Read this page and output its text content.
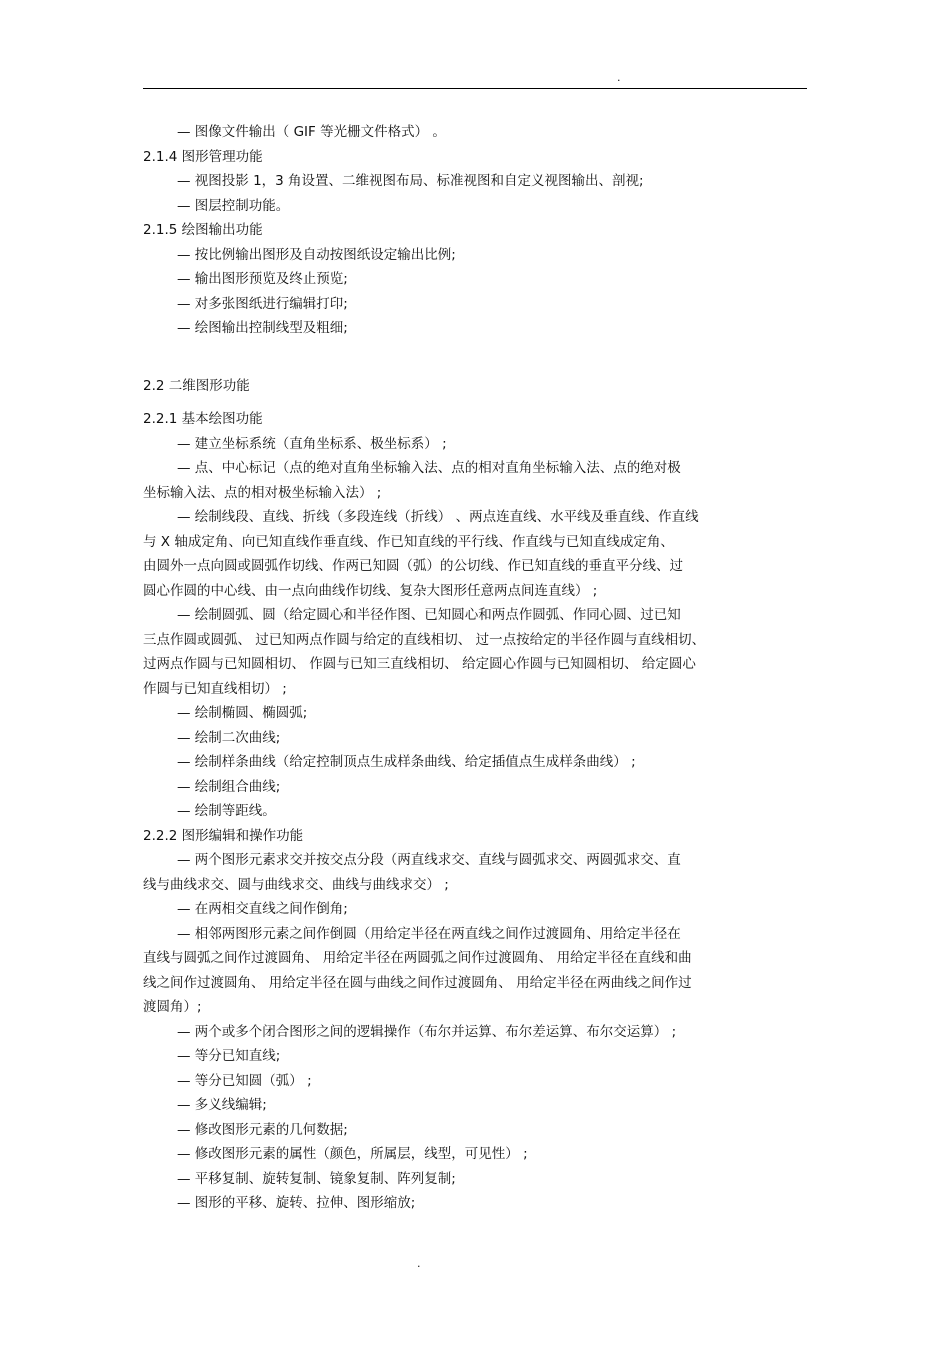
.
— 图像文件输出（ GIF 等光栅文件格式） 。
2.1.4 图形管理功能
— 视图投影 1，3 角设置、二维视图布局、标准视图和自定义视图输出、剖视;
— 图层控制功能。
2.1.5 绘图输出功能
— 按比例输出图形及自动按图纸设定输出比例;
— 输出图形预览及终止预览;
— 对多张图纸进行编辑打印;
— 绘图输出控制线型及粗细;
2.2 二维图形功能
2.2.1 基本绘图功能
— 建立坐标系统（直角坐标系、极坐标系） ;
— 点、中心标记（点的绝对直角坐标输入法、点的相对直角坐标输入法、点的绝对极
坐标输入法、点的相对极坐标输入法） ;
— 绘制线段、直线、折线（多段连线（折线） 、两点连直线、水平线及垂直线、作直线
与 X 轴成定角、向已知直线作垂直线、作已知直线的平行线、作直线与已知直线成定角、
由圆外一点向圆或圆弧作切线、作两已知圆（弧）的公切线、作已知直线的垂直平分线、过
圆心作圆的中心线、由一点向曲线作切线、复杂大图形任意两点间连直线） ;
— 绘制圆弧、圆（给定圆心和半径作图、已知圆心和两点作圆弧、作同心圆、过已知
三点作圆或圆弧、 过已知两点作圆与给定的直线相切、 过一点按给定的半径作圆与直线相切、
过两点作圆与已知圆相切、 作圆与已知三直线相切、 给定圆心作圆与已知圆相切、 给定圆心
作圆与已知直线相切） ;
— 绘制椭圆、椭圆弧;
— 绘制二次曲线;
— 绘制样条曲线（给定控制顶点生成样条曲线、给定插值点生成样条曲线） ;
— 绘制组合曲线;
— 绘制等距线。
2.2.2 图形编辑和操作功能
— 两个图形元素求交并按交点分段（两直线求交、直线与圆弧求交、两圆弧求交、直
线与曲线求交、圆与曲线求交、曲线与曲线求交） ;
— 在两相交直线之间作倒角;
— 相邻两图形元素之间作倒圆（用给定半径在两直线之间作过渡圆角、用给定半径在
直线与圆弧之间作过渡圆角、 用给定半径在两圆弧之间作过渡圆角、 用给定半径在直线和曲
线之间作过渡圆角、 用给定半径在圆与曲线之间作过渡圆角、 用给定半径在两曲线之间作过
渡圆角）;
— 两个或多个闭合图形之间的逻辑操作（布尔并运算、布尔差运算、布尔交运算） ;
— 等分已知直线;
— 等分已知圆（弧） ;
— 多义线编辑;
— 修改图形元素的几何数据;
— 修改图形元素的属性（颜色，所属层，线型，可见性） ;
— 平移复制、旋转复制、镜象复制、阵列复制;
— 图形的平移、旋转、拉伸、图形缩放;
.
